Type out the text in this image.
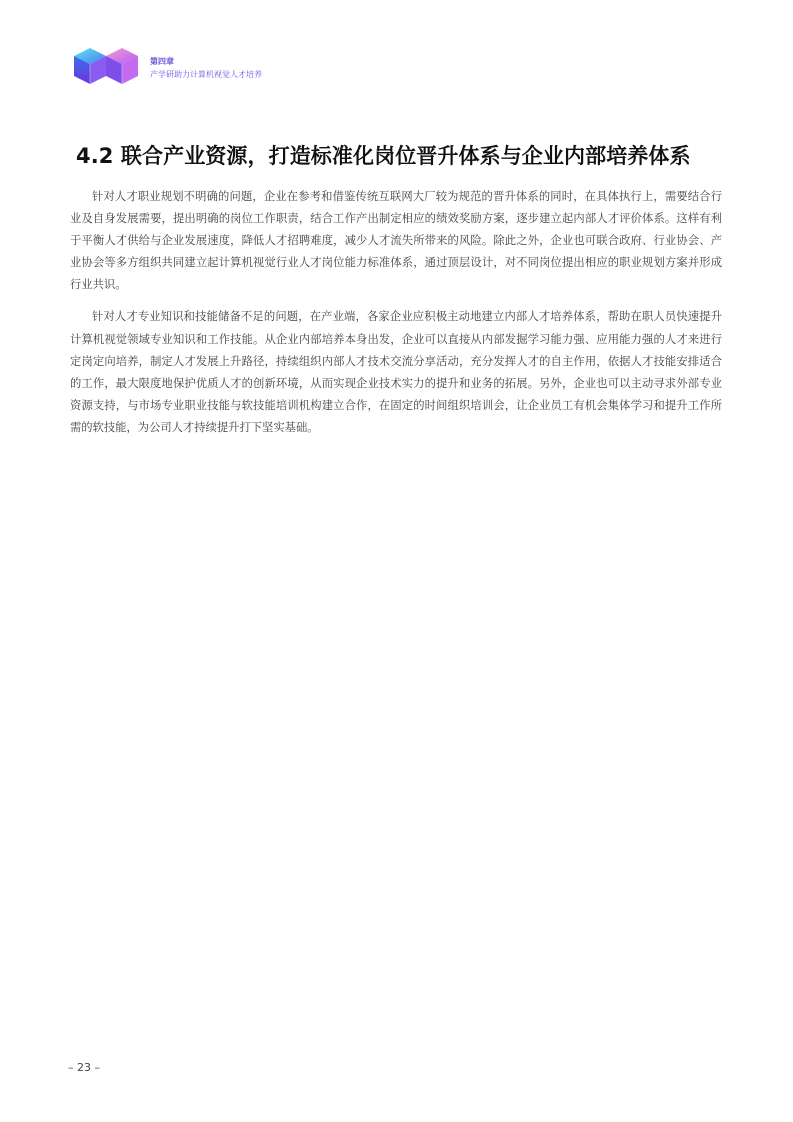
第四章
产学研助力计算机视觉人才培养
4.2 联合产业资源，打造标准化岗位晋升体系与企业内部培养体系

针对人才职业规划不明确的问题，企业在参考和借鉴传统互联网大厂较为规范的晋升体系的同时，在具体执行上，需要结合行业及自身发展需要，提出明确的岗位工作职责，结合工作产出制定相应的绩效奖励方案，逐步建立起内部人才评价体系。这样有利于平衡人才供给与企业发展速度，降低人才招聘难度，减少人才流失所带来的风险。除此之外，企业也可联合政府、行业协会、产业协会等多方组织共同建立起计算机视觉行业人才岗位能力标准体系，通过顶层设计，对不同岗位提出相应的职业规划方案并形成行业共识。

针对人才专业知识和技能储备不足的问题，在产业端，各家企业应积极主动地建立内部人才培养体系，帮助在职人员快速提升计算机视觉领域专业知识和工作技能。从企业内部培养本身出发，企业可以直接从内部发掘学习能力强、应用能力强的人才来进行定岗定向培养，制定人才发展上升路径，持续组织内部人才技术交流分享活动，充分发挥人才的自主作用，依据人才技能安排适合的工作，最大限度地保护优质人才的创新环境，从而实现企业技术实力的提升和业务的拓展。另外，企业也可以主动寻求外部专业资源支持，与市场专业职业技能与软技能培训机构建立合作，在固定的时间组织培训会，让企业员工有机会集体学习和提升工作所需的软技能，为公司人才持续提升打下坚实基础。

– 23 –
